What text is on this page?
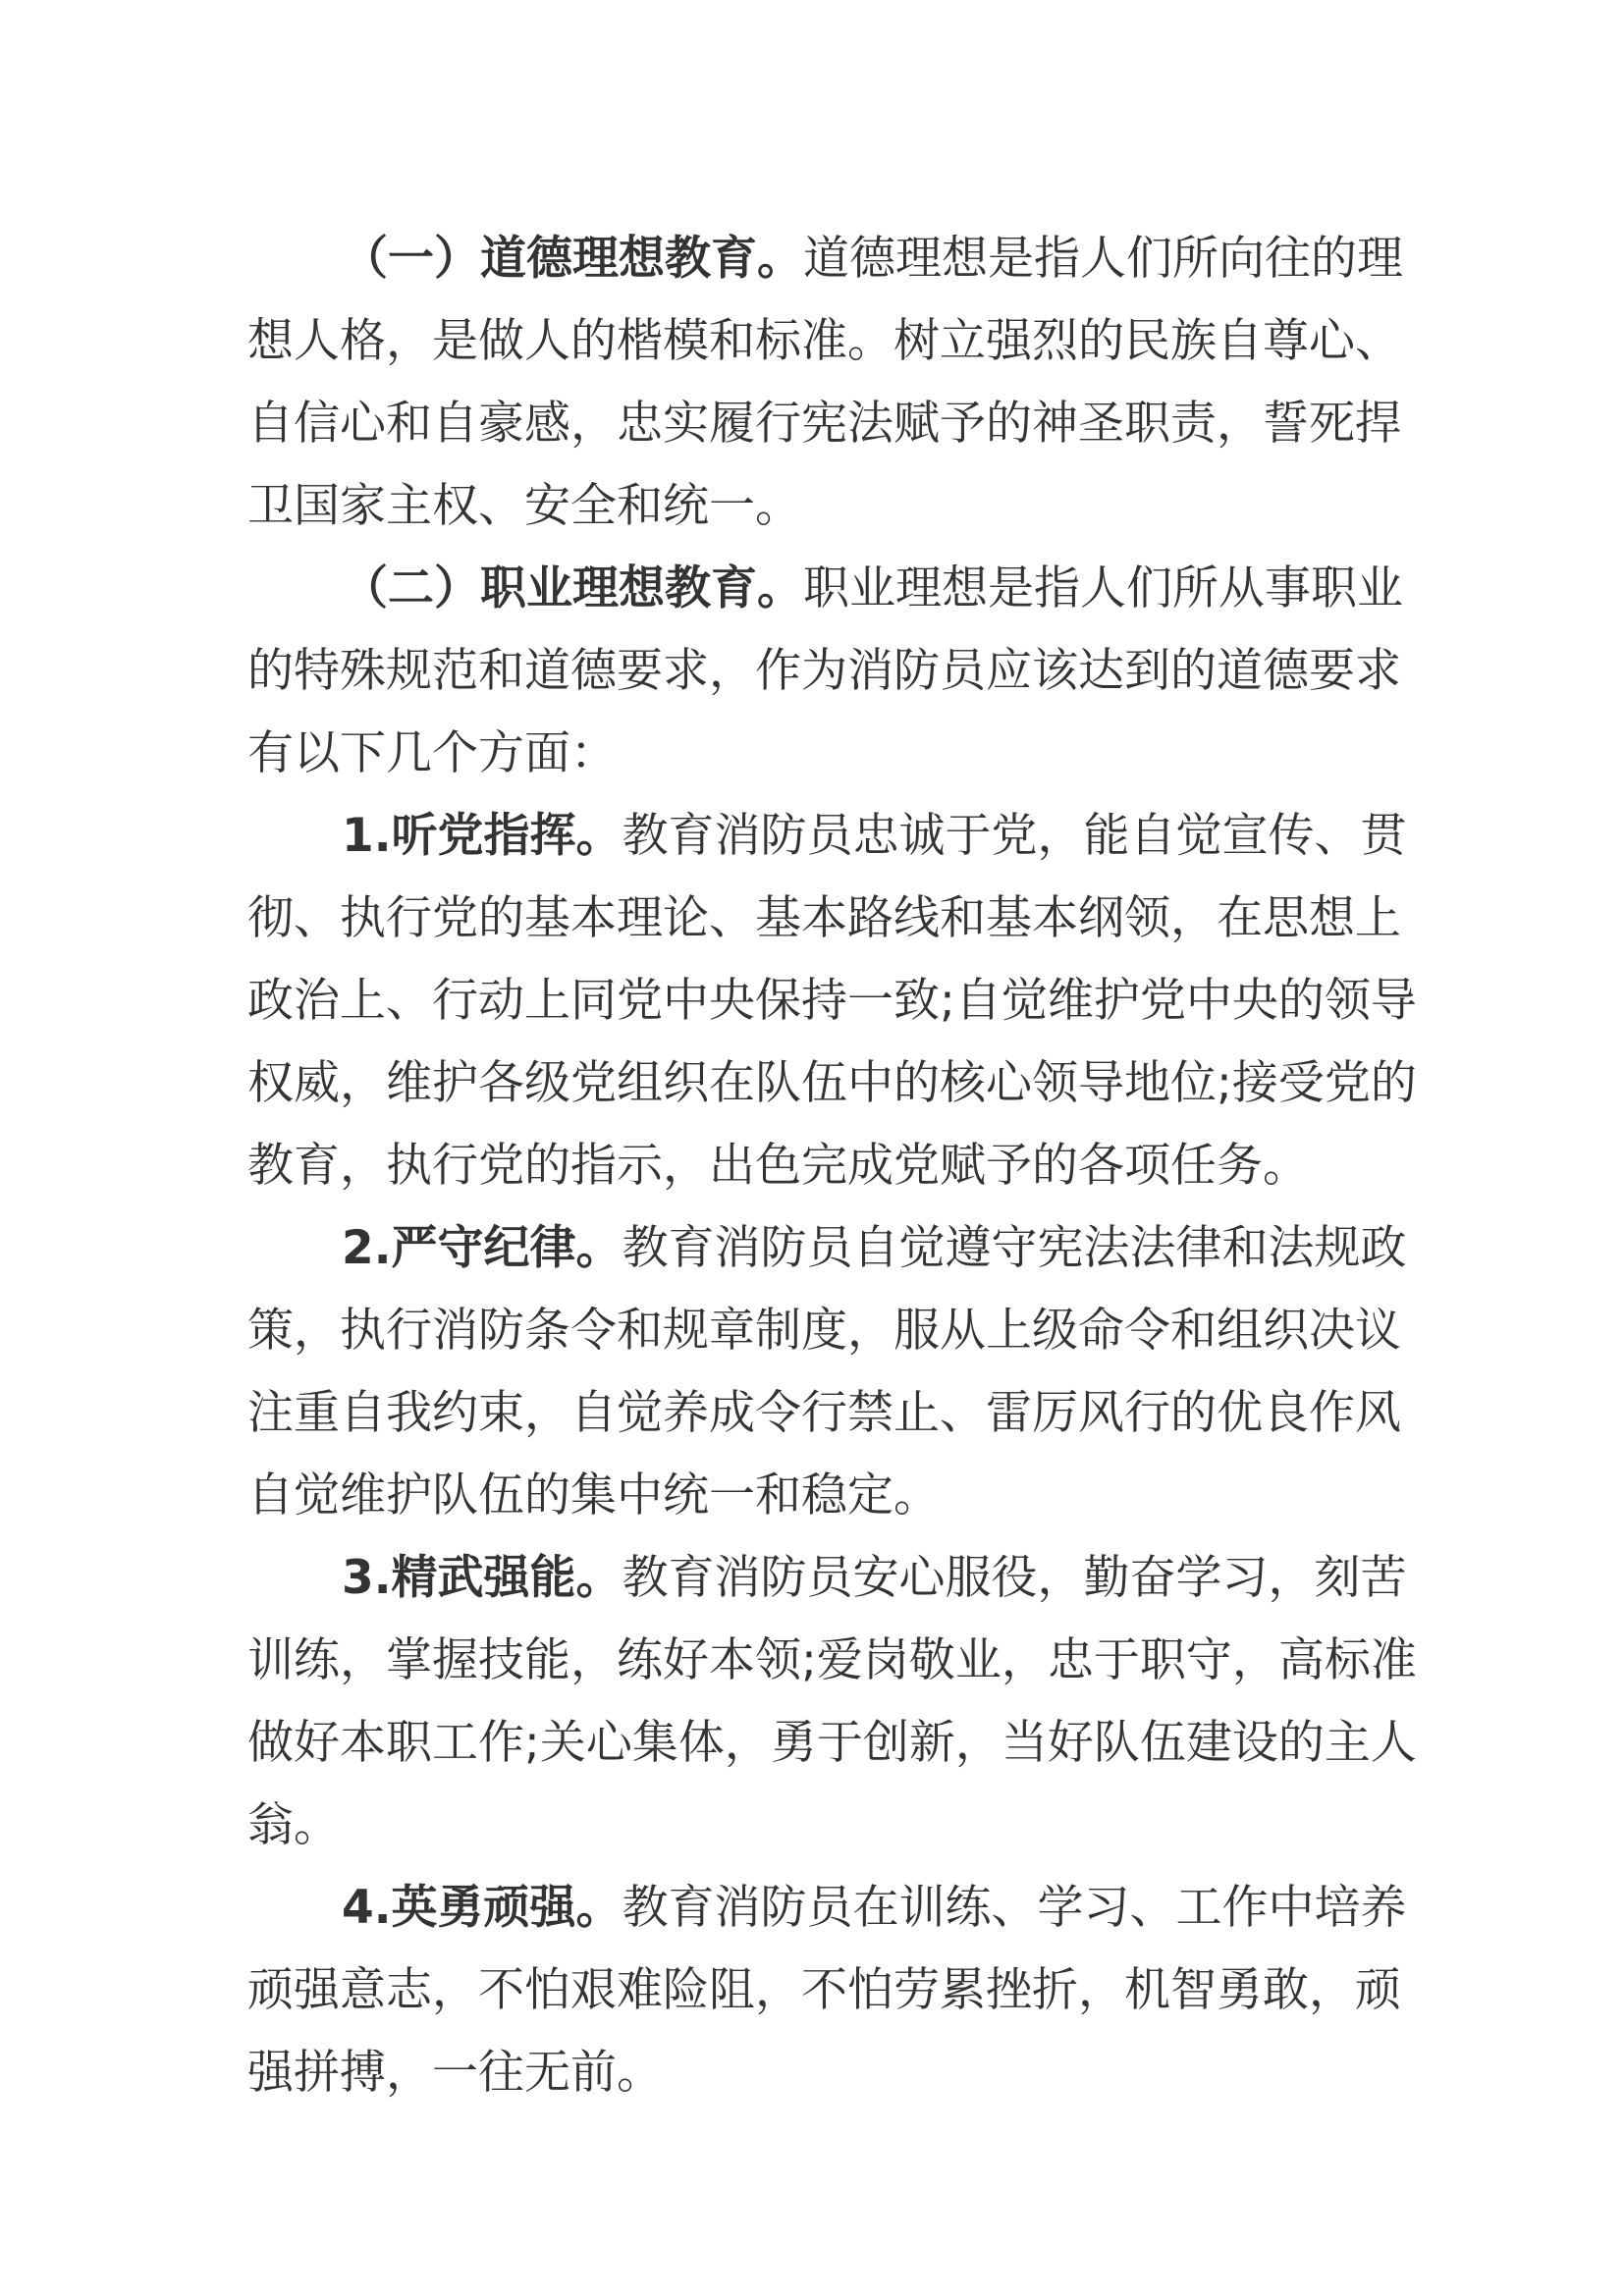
（一）道德理想教育。道德理想是指人们所向往的理
想人格，是做人的楷模和标准。树立强烈的民族自尊心、
自信心和自豪感，忠实履行宪法赋予的神圣职责，誓死捍
卫国家主权、安全和统一。
（二）职业理想教育。职业理想是指人们所从事职业
的特殊规范和道德要求，作为消防员应该达到的道德要求
有以下几个方面：
1.听党指挥。教育消防员忠诚于党，能自觉宣传、贯
彻、执行党的基本理论、基本路线和基本纲领，在思想上
政治上、行动上同党中央保持一致;自觉维护党中央的领导
权威，维护各级党组织在队伍中的核心领导地位;接受党的
教育，执行党的指示，出色完成党赋予的各项任务。
2.严守纪律。教育消防员自觉遵守宪法法律和法规政
策，执行消防条令和规章制度，服从上级命令和组织决议
注重自我约束，自觉养成令行禁止、雷厉风行的优良作风
自觉维护队伍的集中统一和稳定。
3.精武强能。教育消防员安心服役，勤奋学习，刻苦
训练，掌握技能，练好本领;爱岗敬业，忠于职守，高标准
做好本职工作;关心集体，勇于创新，当好队伍建设的主人
翁。
4.英勇顽强。教育消防员在训练、学习、工作中培养
顽强意志，不怕艰难险阻，不怕劳累挫折，机智勇敢，顽
强拼搏，一往无前。
